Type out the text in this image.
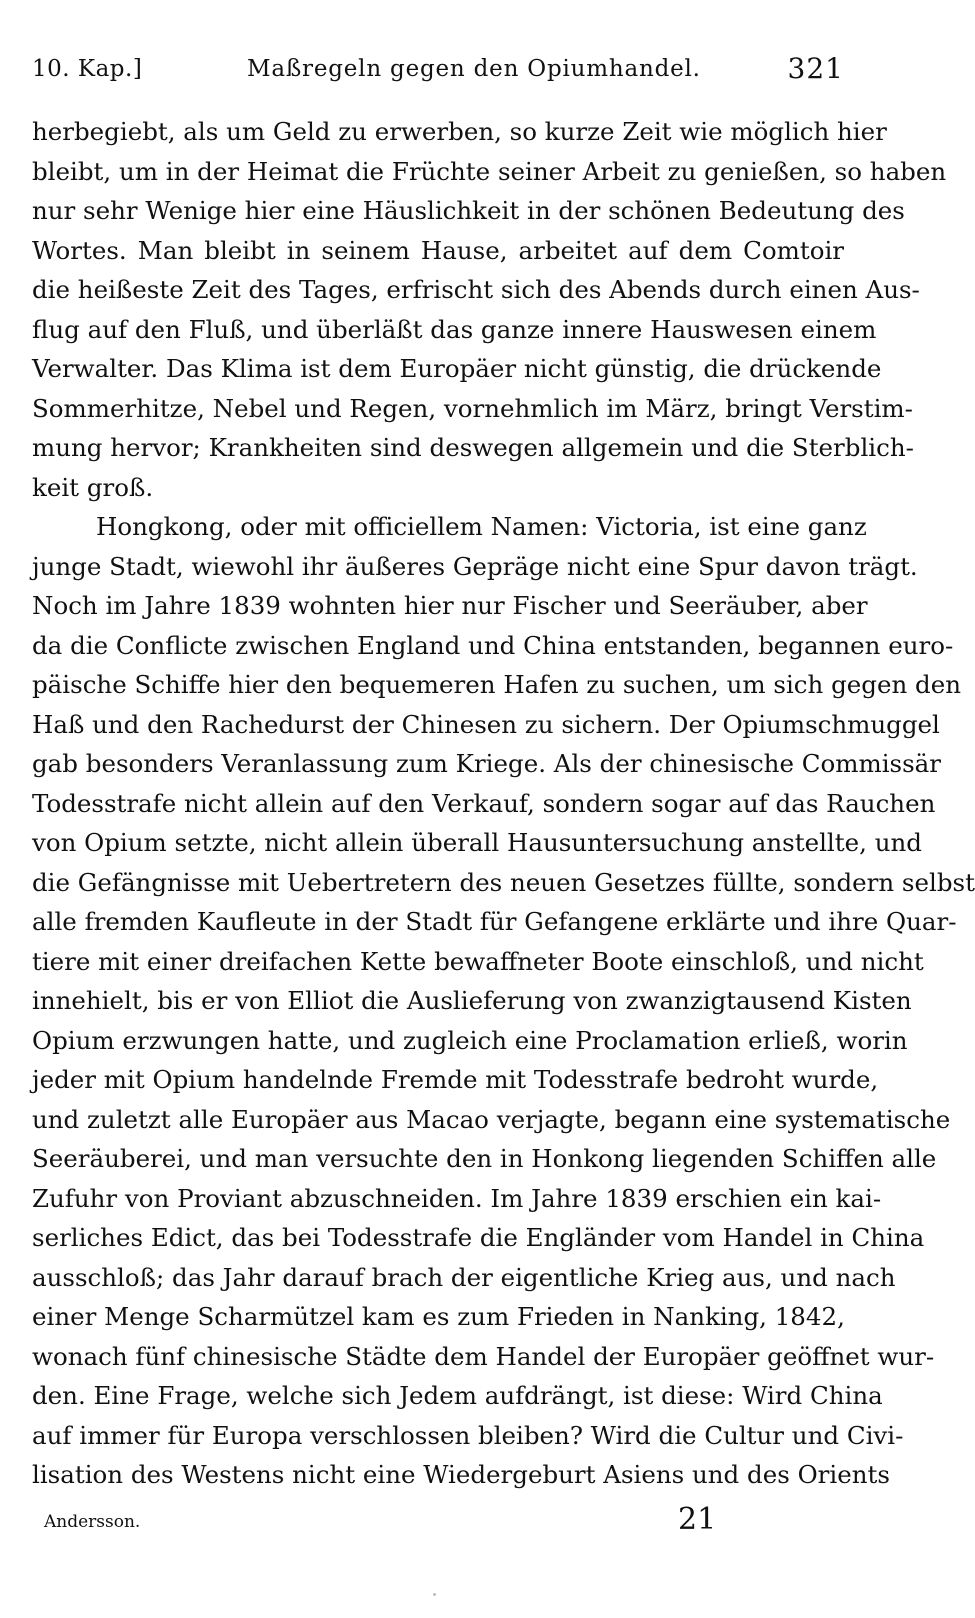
10. Kap.]	Maßregeln gegen den Opiumhandel.	321
herbegiebt, als um Geld zu erwerben, so kurze Zeit wie möglich hier
bleibt, um in der Heimat die Früchte seiner Arbeit zu genießen, so haben
nur sehr Wenige hier eine Häuslichkeit in der schönen Bedeutung des
Wortes. Man bleibt in seinem Hause, arbeitet auf dem Comtoir
die heißeste Zeit des Tages, erfrischt sich des Abends durch einen Aus-
flug auf den Fluß, und überläßt das ganze innere Hauswesen einem
Verwalter. Das Klima ist dem Europäer nicht günstig, die drückende
Sommerhitze, Nebel und Regen, vornehmlich im März, bringt Verstim-
mung hervor; Krankheiten sind deswegen allgemein und die Sterblich-
keit groß.
Hongkong, oder mit officiellem Namen: Victoria, ist eine ganz
junge Stadt, wiewohl ihr äußeres Gepräge nicht eine Spur davon trägt.
Noch im Jahre 1839 wohnten hier nur Fischer und Seeräuber, aber
da die Conflicte zwischen England und China entstanden, begannen euro-
päische Schiffe hier den bequemeren Hafen zu suchen, um sich gegen den
Haß und den Rachedurst der Chinesen zu sichern. Der Opiumschmuggel
gab besonders Veranlassung zum Kriege. Als der chinesische Commissär
Todesstrafe nicht allein auf den Verkauf, sondern sogar auf das Rauchen
von Opium setzte, nicht allein überall Hausuntersuchung anstellte, und
die Gefängnisse mit Uebertretern des neuen Gesetzes füllte, sondern selbst
alle fremden Kaufleute in der Stadt für Gefangene erklärte und ihre Quar-
tiere mit einer dreifachen Kette bewaffneter Boote einschloß, und nicht
innehielt, bis er von Elliot die Auslieferung von zwanzigtausend Kisten
Opium erzwungen hatte, und zugleich eine Proclamation erließ, worin
jeder mit Opium handelnde Fremde mit Todesstrafe bedroht wurde,
und zuletzt alle Europäer aus Macao verjagte, begann eine systematische
Seeräuberei, und man versuchte den in Honkong liegenden Schiffen alle
Zufuhr von Proviant abzuschneiden. Im Jahre 1839 erschien ein kai-
serliches Edict, das bei Todesstrafe die Engländer vom Handel in China
ausschloß; das Jahr darauf brach der eigentliche Krieg aus, und nach
einer Menge Scharmützel kam es zum Frieden in Nanking, 1842,
wonach fünf chinesische Städte dem Handel der Europäer geöffnet wur-
den. Eine Frage, welche sich Jedem aufdrängt, ist diese: Wird China
auf immer für Europa verschlossen bleiben? Wird die Cultur und Civi-
lisation des Westens nicht eine Wiedergeburt Asiens und des Orients
Andersson.	21
